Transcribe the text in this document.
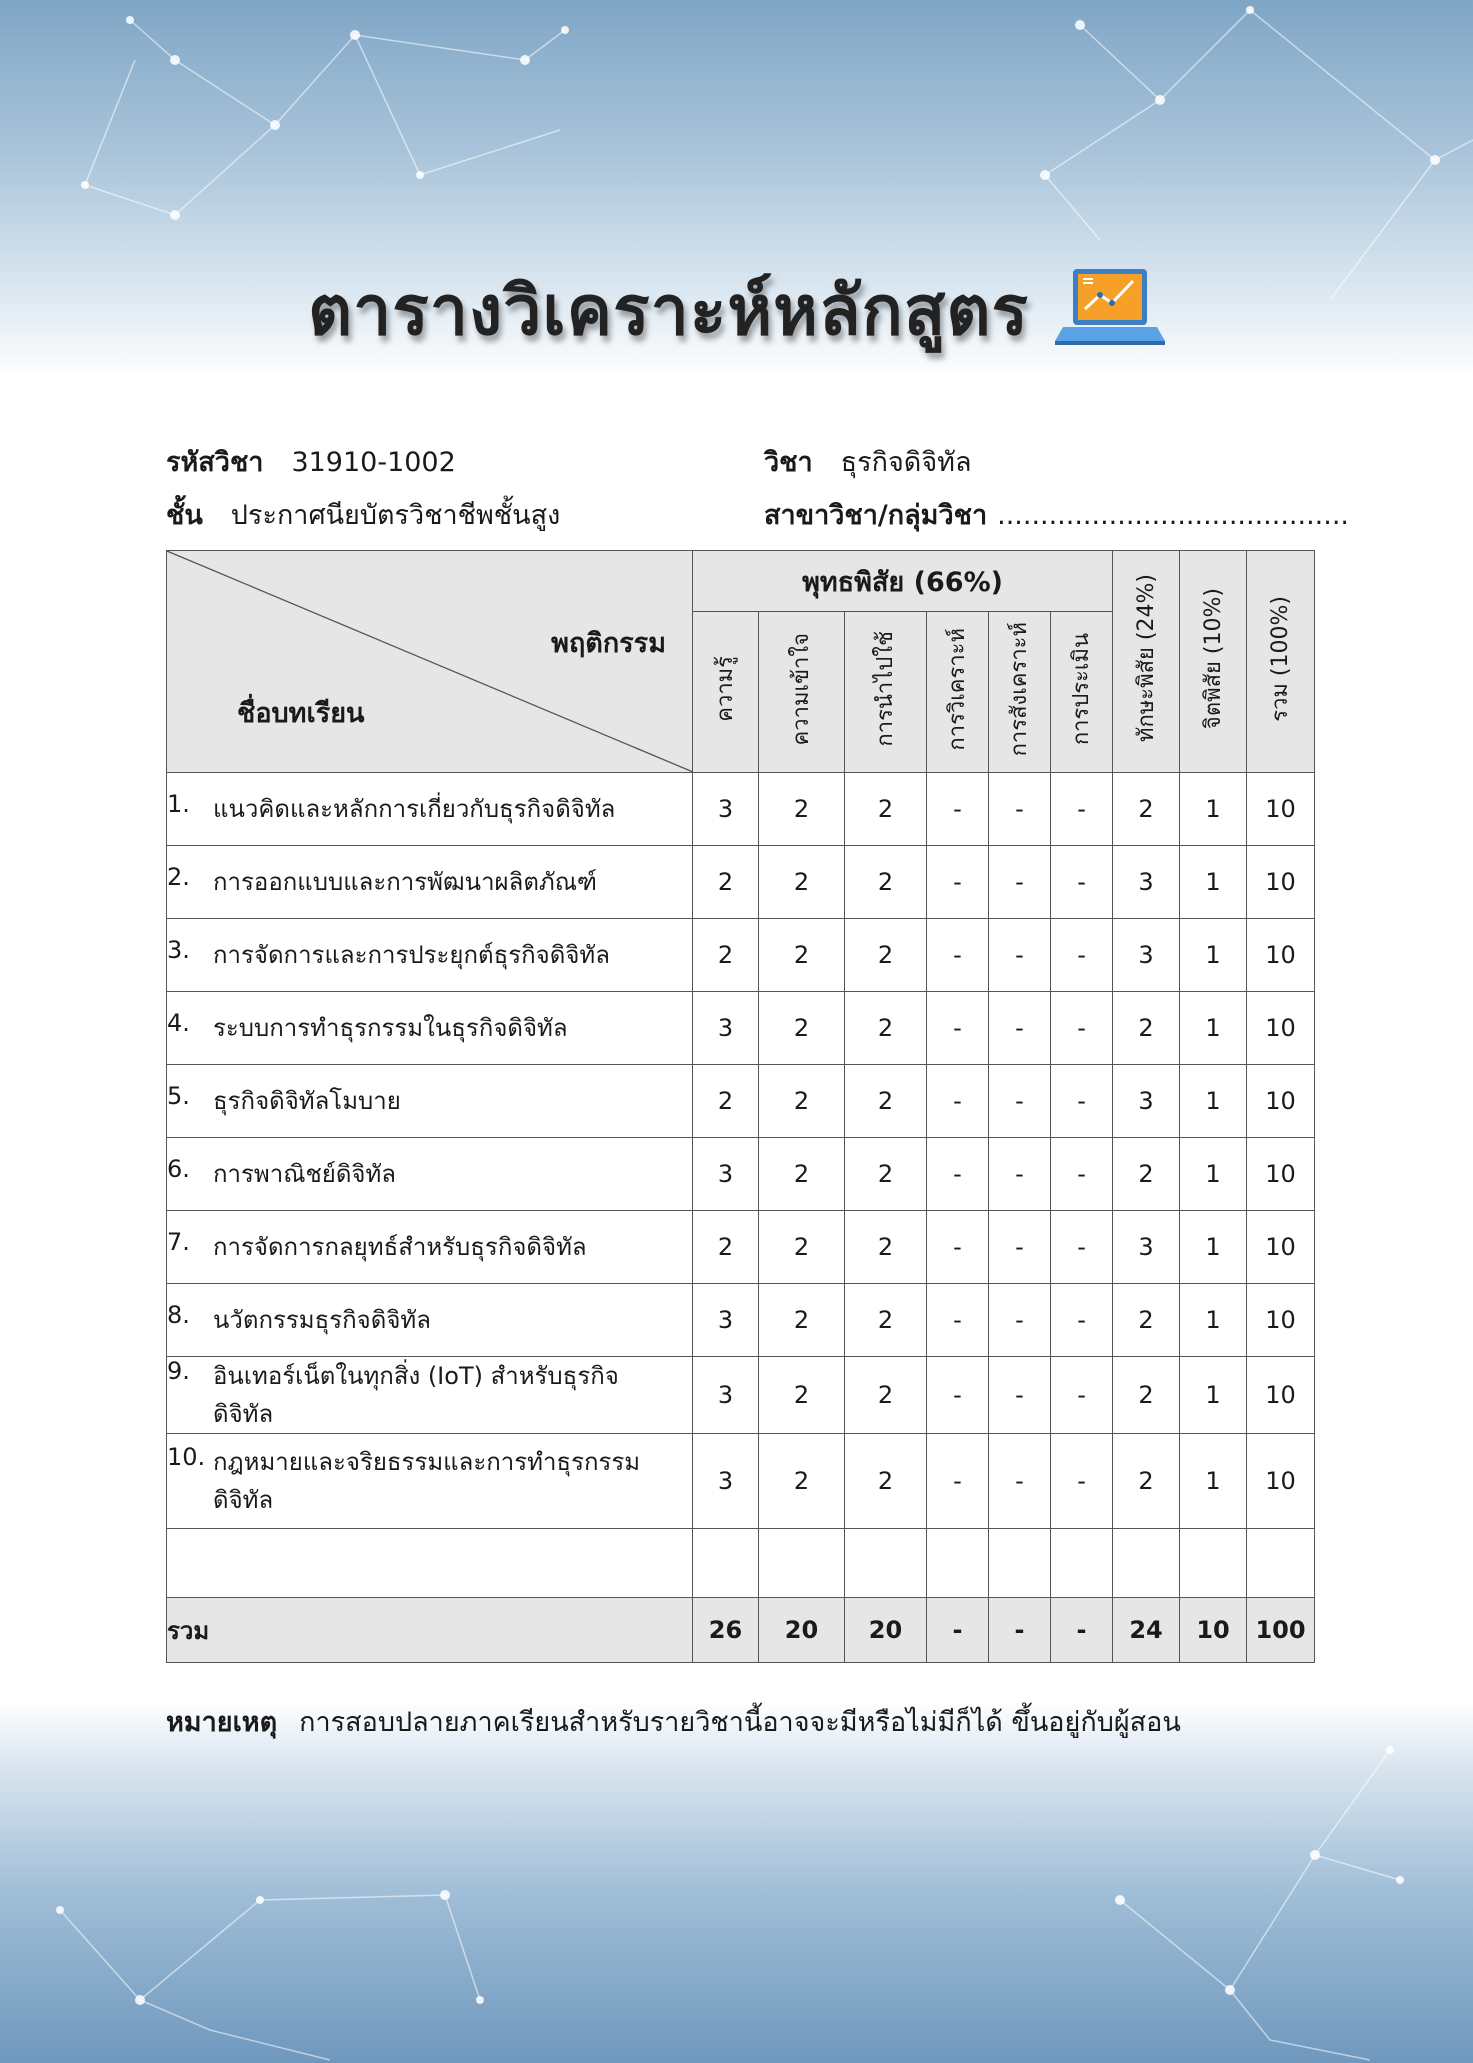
ตารางวิเคราะห์หลักสูตร
รหัสวิชา 31910-1002	วิชา ธุรกิจดิจิทัล
ชั้น ประกาศนียบัตรวิชาชีพชั้นสูง	สาขาวิชา/กลุ่มวิชา .........................................
พฤติกรรม
ชื่อบทเรียน	พุทธพิสัย (66%)						ทักษะพิสัย (24%)	จิตพิสัย (10%)	รวม (100%)
	ความรู้	ความเข้าใจ	การนำไปใช้	การวิเคราะห์	การสังเคราะห์	การประเมิน			
1. แนวคิดและหลักการเกี่ยวกับธุรกิจดิจิทัล	3	2	2	-	-	-	2	1	10
2. การออกแบบและการพัฒนาผลิตภัณฑ์	2	2	2	-	-	-	3	1	10
3. การจัดการและการประยุกต์ธุรกิจดิจิทัล	2	2	2	-	-	-	3	1	10
4. ระบบการทำธุรกรรมในธุรกิจดิจิทัล	3	2	2	-	-	-	2	1	10
5. ธุรกิจดิจิทัลโมบาย	2	2	2	-	-	-	3	1	10
6. การพาณิชย์ดิจิทัล	3	2	2	-	-	-	2	1	10
7. การจัดการกลยุทธ์สำหรับธุรกิจดิจิทัล	2	2	2	-	-	-	3	1	10
8. นวัตกรรมธุรกิจดิจิทัล	3	2	2	-	-	-	2	1	10
9. อินเทอร์เน็ตในทุกสิ่ง (IoT) สำหรับธุรกิจดิจิทัล	3	2	2	-	-	-	2	1	10
10. กฎหมายและจริยธรรมและการทำธุรกรรมดิจิทัล	3	2	2	-	-	-	2	1	10

รวม	26	20	20	-	-	-	24	10	100
หมายเหตุ การสอบปลายภาคเรียนสำหรับรายวิชานี้อาจจะมีหรือไม่มีก็ได้ ขึ้นอยู่กับผู้สอน
